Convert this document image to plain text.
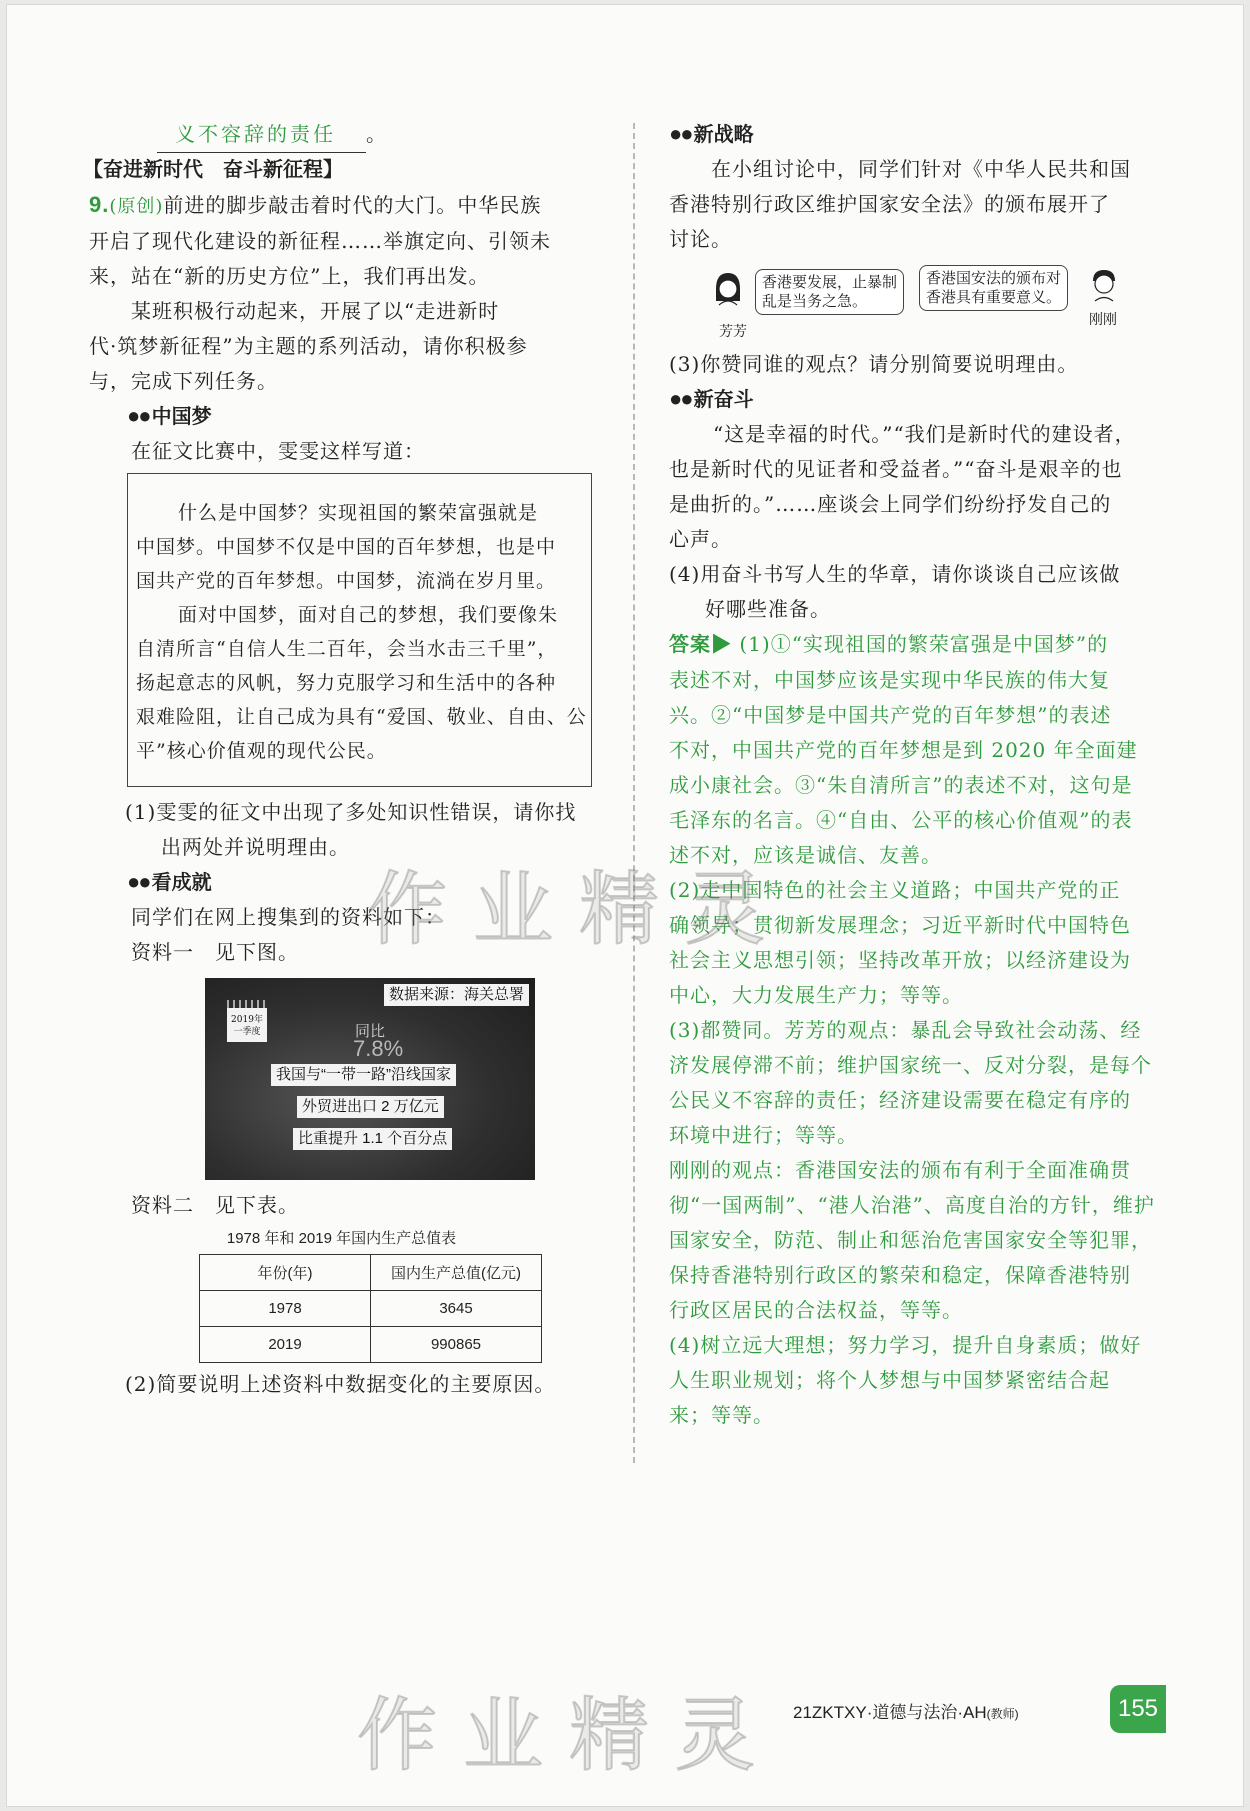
义不容辞的责任 。

【奋进新时代　奋斗新征程】

9.(原创)前进的脚步敲击着时代的大门。中华民族

开启了现代化建设的新征程……举旗定向、引领未

来，站在“新的历史方位”上，我们再出发。

某班积极行动起来，开展了以“走进新时

代·筑梦新征程”为主题的系列活动，请你积极参

与，完成下列任务。

●● 中国梦

在征文比赛中，雯雯这样写道：

什么是中国梦？实现祖国的繁荣富强就是

中国梦。中国梦不仅是中国的百年梦想，也是中

国共产党的百年梦想。中国梦，流淌在岁月里。

面对中国梦，面对自己的梦想，我们要像朱

自清所言“自信人生二百年，会当水击三千里”，

扬起意志的风帆，努力克服学习和生活中的各种

艰难险阻，让自己成为具有“爱国、敬业、自由、公

平”核心价值观的现代公民。

(1)雯雯的征文中出现了多处知识性错误，请你找

出两处并说明理由。

●● 看成就

同学们在网上搜集到的资料如下：

资料一　见下图。

数据来源：海关总署
2019年一季度	同比
7.8%
我国与“一带一路”沿线国家
外贸进出口 2 万亿元
比重提升 1.1 个百分点

资料二　见下表。

1978 年和 2019 年国内生产总值表

年份(年)	国内生产总值(亿元)
1978	3645
2019	990865

(2)简要说明上述资料中数据变化的主要原因。

●● 新战略

在小组讨论中，同学们针对《中华人民共和国

香港特别行政区维护国家安全法》的颁布展开了

讨论。

香港要发展，止暴制
乱是当务之急。
香港国安法的颁布对
香港具有重要意义。
芳芳
刚刚

(3)你赞同谁的观点？请分别简要说明理由。

●● 新奋斗

“这是幸福的时代。”“我们是新时代的建设者，

也是新时代的见证者和受益者。”“奋斗是艰辛的也

是曲折的。”……座谈会上同学们纷纷抒发自己的

心声。

(4)用奋斗书写人生的华章，请你谈谈自己应该做

好哪些准备。

答案▶ (1)①“实现祖国的繁荣富强是中国梦”的

表述不对，中国梦应该是实现中华民族的伟大复

兴。②“中国梦是中国共产党的百年梦想”的表述

不对，中国共产党的百年梦想是到 2020 年全面建

成小康社会。③“朱自清所言”的表述不对，这句是

毛泽东的名言。④“自由、公平的核心价值观”的表

述不对，应该是诚信、友善。

(2)走中国特色的社会主义道路；中国共产党的正

确领导；贯彻新发展理念；习近平新时代中国特色

社会主义思想引领；坚持改革开放；以经济建设为

中心，大力发展生产力；等等。

(3)都赞同。芳芳的观点：暴乱会导致社会动荡、经

济发展停滞不前；维护国家统一、反对分裂，是每个

公民义不容辞的责任；经济建设需要在稳定有序的

环境中进行；等等。

刚刚的观点：香港国安法的颁布有利于全面准确贯

彻“一国两制”、“港人治港”、高度自治的方针，维护

国家安全，防范、制止和惩治危害国家安全等犯罪，

保持香港特别行政区的繁荣和稳定，保障香港特别

行政区居民的合法权益，等等。

(4)树立远大理想；努力学习，提升自身素质；做好

人生职业规划；将个人梦想与中国梦紧密结合起

来；等等。

作业精灵
作业精灵 21ZKTXY·道德与法治·AH(教师)	155
